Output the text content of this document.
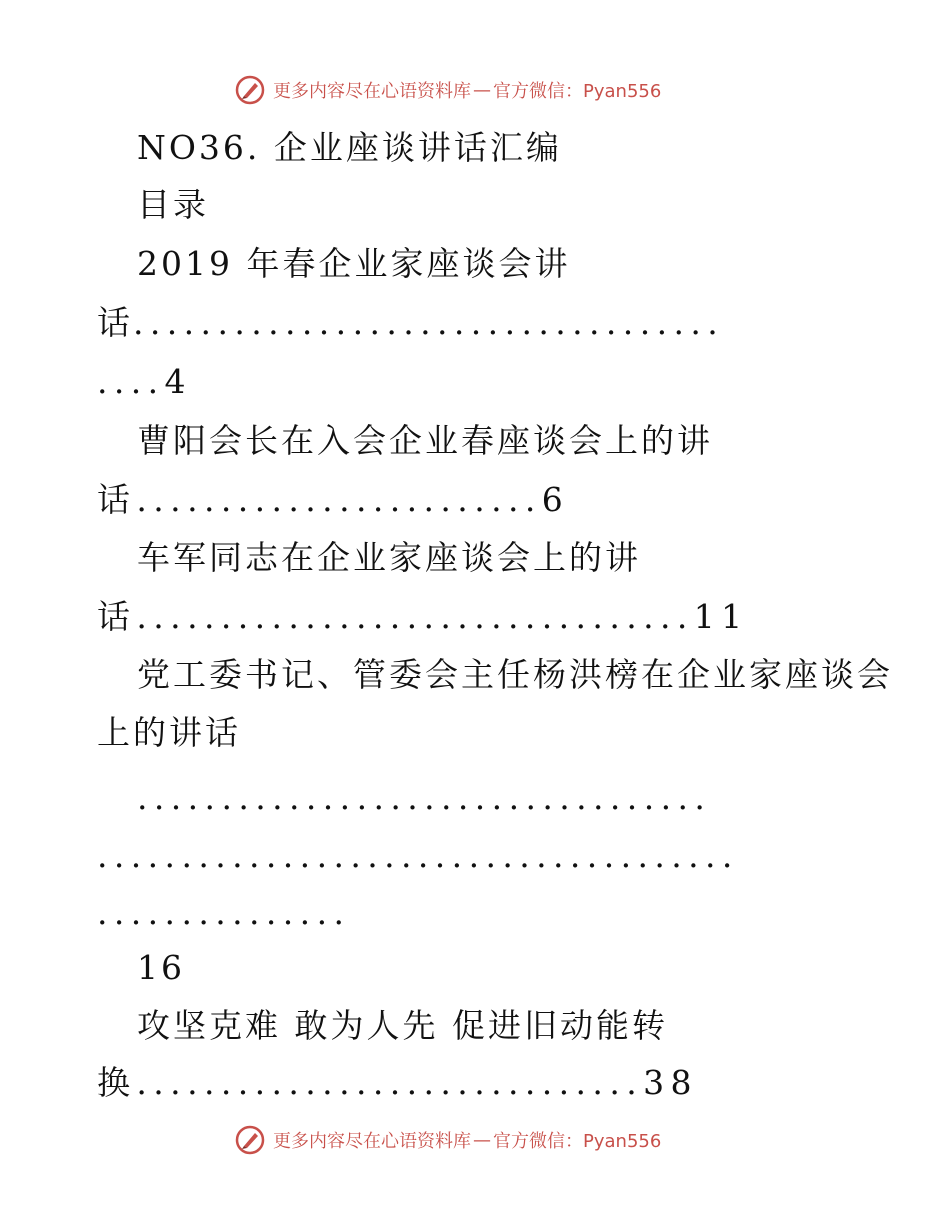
更多内容尽在心语资料库 — 官方微信：Pyan556
NO36. 企业座谈讲话汇编
目录
2019 年春企业家座谈会讲
话...................................
....4
曹阳会长在入会企业春座谈会上的讲
话........................6
车军同志在企业家座谈会上的讲
话.................................11
党工委书记、管委会主任杨洪榜在企业家座谈会
上的讲话
..................................
......................................
...............
16
攻坚克难 敢为人先 促进旧动能转
换..............................38
更多内容尽在心语资料库 — 官方微信：Pyan556
